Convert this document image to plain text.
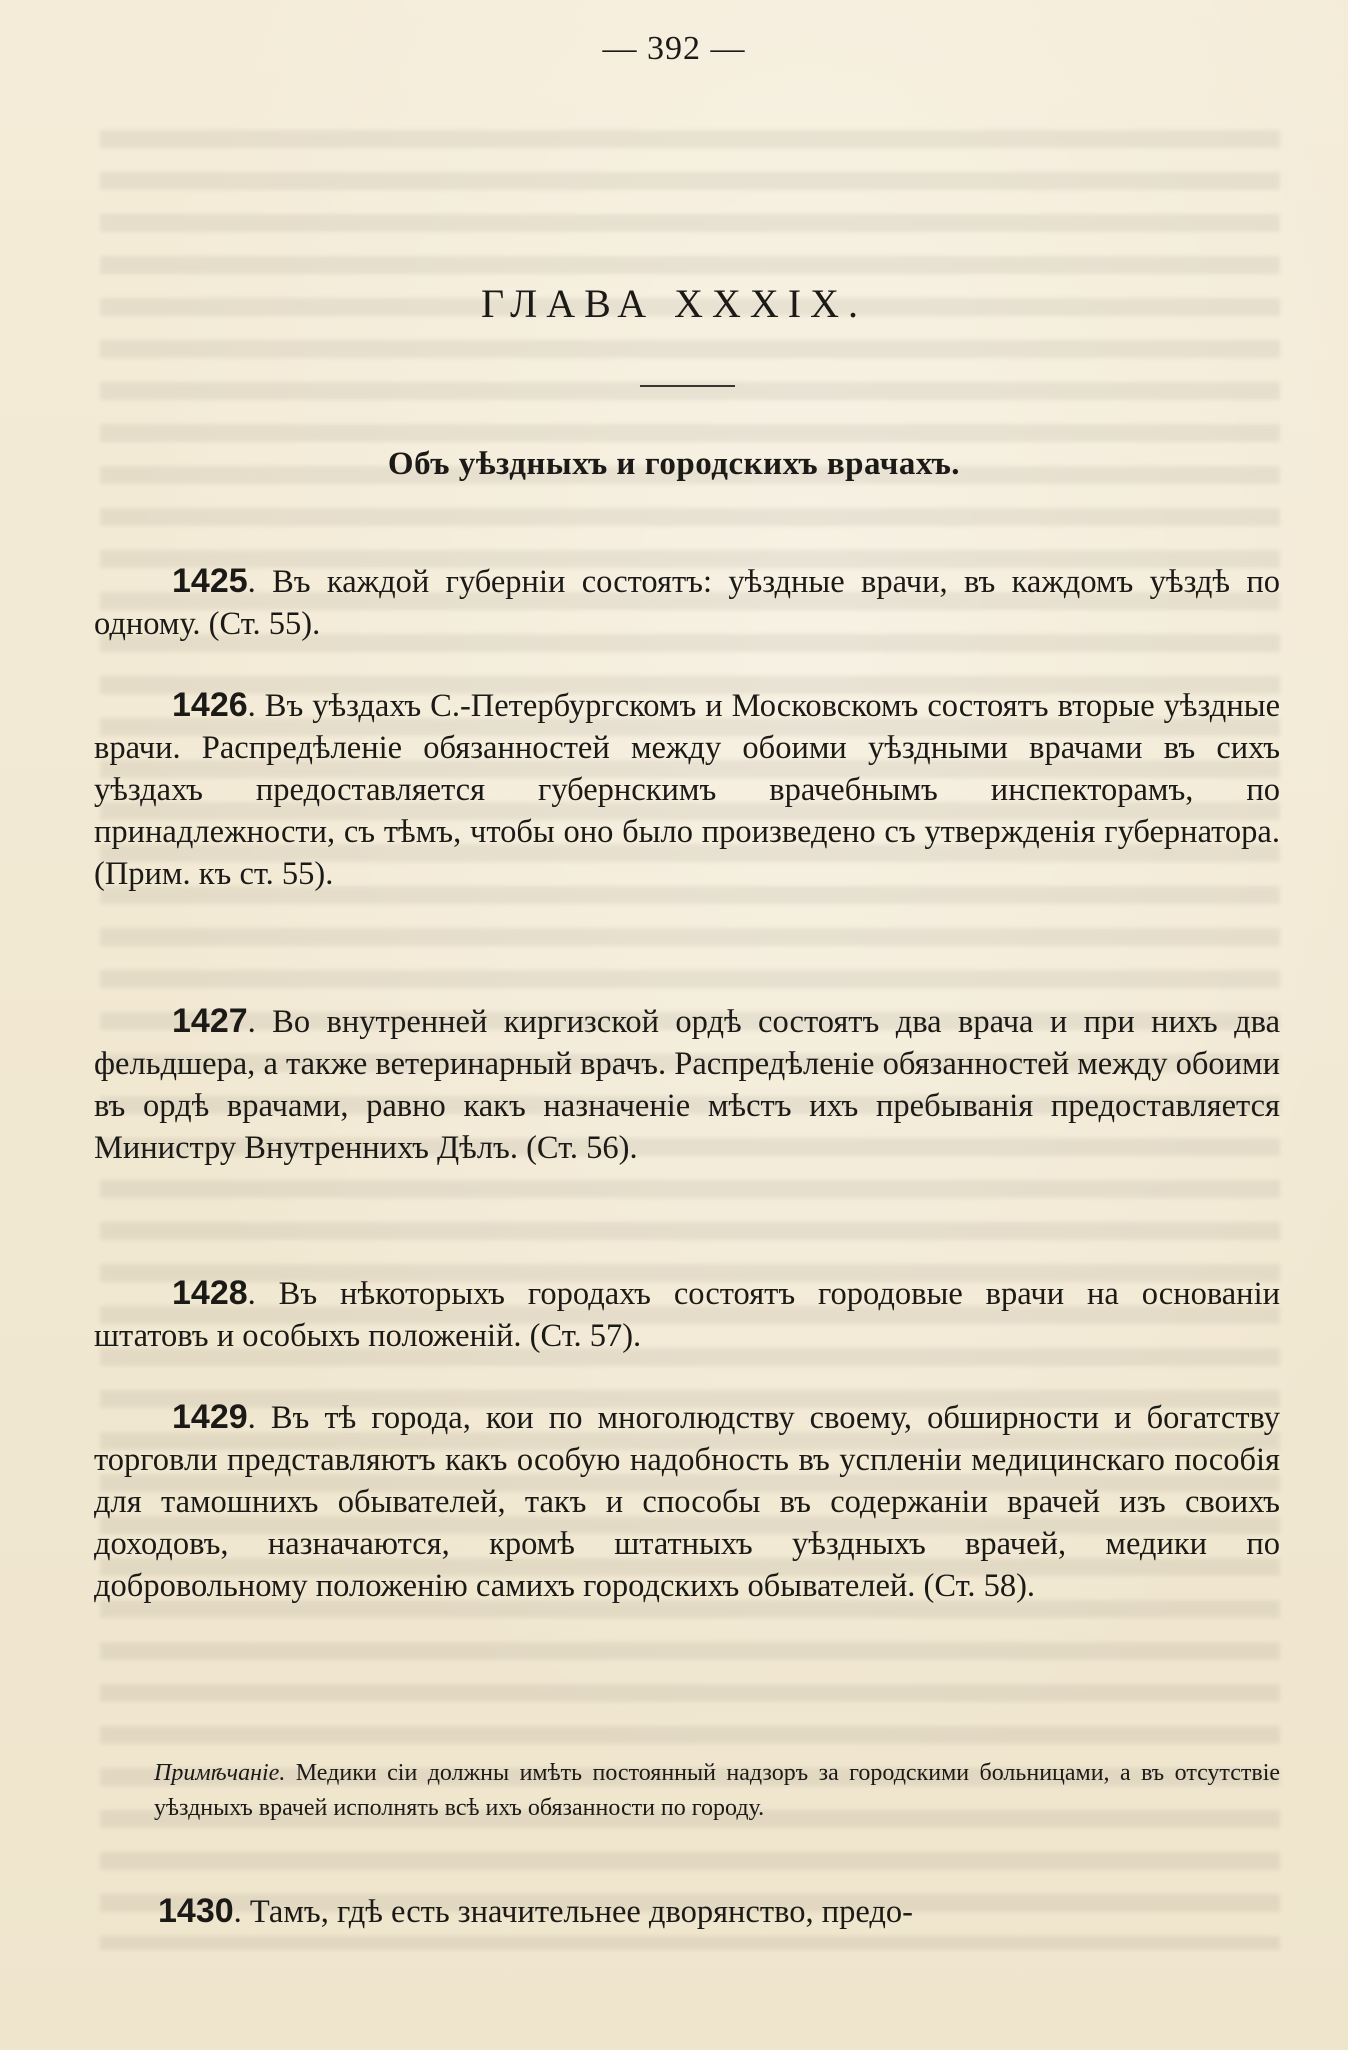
— 392 —
ГЛАВА XXXIX.
Объ уѣздныхъ и городскихъ врачахъ.

1425. Въ каждой губерніи состоятъ: уѣздные врачи, въ каждомъ уѣздѣ по одному. (Ст. 55).

1426. Въ уѣздахъ С.-Петербургскомъ и Московскомъ состоятъ вторые уѣздные врачи. Распредѣленіе обязанностей между обоими уѣздными врачами въ сихъ уѣздахъ предоставляется губернскимъ врачебнымъ инспекторамъ, по принадлежности, съ тѣмъ, чтобы оно было произведено съ утвержденія губернатора. (Прим. къ ст. 55).

1427. Во внутренней киргизской ордѣ состоятъ два врача и при нихъ два фельдшера, а также ветеринарный врачъ. Распредѣленіе обязанностей между обоими въ ордѣ врачами, равно какъ назначеніе мѣстъ ихъ пребыванія предоставляется Министру Внутреннихъ Дѣлъ. (Ст. 56).

1428. Въ нѣкоторыхъ городахъ состоятъ городовые врачи на основаніи штатовъ и особыхъ положеній. (Ст. 57).

1429. Въ тѣ города, кои по многолюдству своему, обширности и богатству торговли представляютъ какъ особую надобность въ успленіи медицинскаго пособія для тамошнихъ обывателей, такъ и способы въ содержаніи врачей изъ своихъ доходовъ, назначаются, кромѣ штатныхъ уѣздныхъ врачей, медики по добровольному положенію самихъ городскихъ обывателей. (Ст. 58).

Примѣчаніе. Медики сіи должны имѣть постоянный надзоръ за городскими больницами, а въ отсутствіе уѣздныхъ врачей исполнять всѣ ихъ обязанности по городу.

1430. Тамъ, гдѣ есть значительнее дворянство, предо-
